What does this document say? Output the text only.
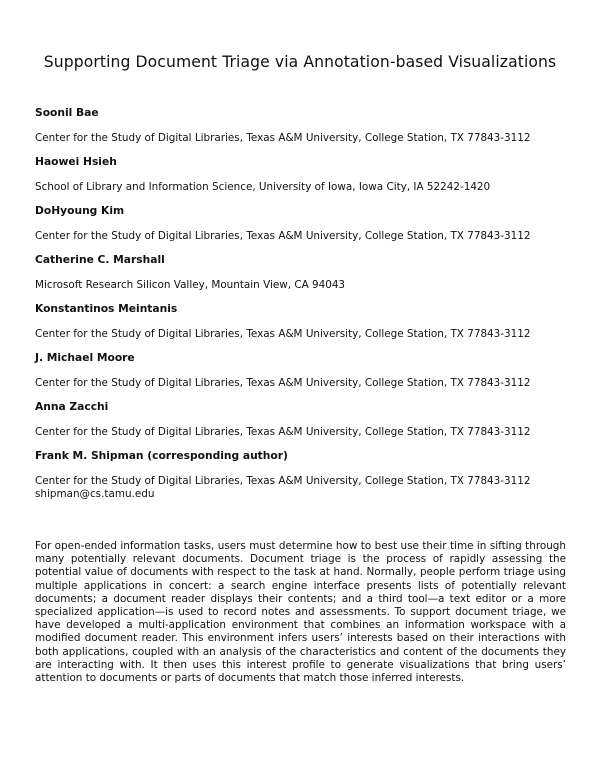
Supporting Document Triage via Annotation-based Visualizations

Soonil Bae

Center for the Study of Digital Libraries, Texas A&M University, College Station, TX 77843-3112

Haowei Hsieh

School of Library and Information Science, University of Iowa, Iowa City, IA 52242-1420

DoHyoung Kim

Center for the Study of Digital Libraries, Texas A&M University, College Station, TX 77843-3112

Catherine C. Marshall

Microsoft Research Silicon Valley, Mountain View, CA 94043

Konstantinos Meintanis

Center for the Study of Digital Libraries, Texas A&M University, College Station, TX 77843-3112

J. Michael Moore

Center for the Study of Digital Libraries, Texas A&M University, College Station, TX 77843-3112

Anna Zacchi

Center for the Study of Digital Libraries, Texas A&M University, College Station, TX 77843-3112

Frank M. Shipman (corresponding author)

Center for the Study of Digital Libraries, Texas A&M University, College Station, TX 77843-3112

shipman@cs.tamu.edu

For open-ended information tasks, users must determine how to best use their time in sifting through many potentially relevant documents. Document triage is the process of rapidly assessing the potential value of documents with respect to the task at hand. Normally, people perform triage using multiple applications in concert: a search engine interface presents lists of potentially relevant documents; a document reader displays their contents; and a third tool—a text editor or a more specialized application—is used to record notes and assessments. To support document triage, we have developed a multi-application environment that combines an information workspace with a modified document reader. This environment infers users’ interests based on their interactions with both applications, coupled with an analysis of the characteristics and content of the documents they are interacting with. It then uses this interest profile to generate visualizations that bring users’ attention to documents or parts of documents that match those inferred interests.
